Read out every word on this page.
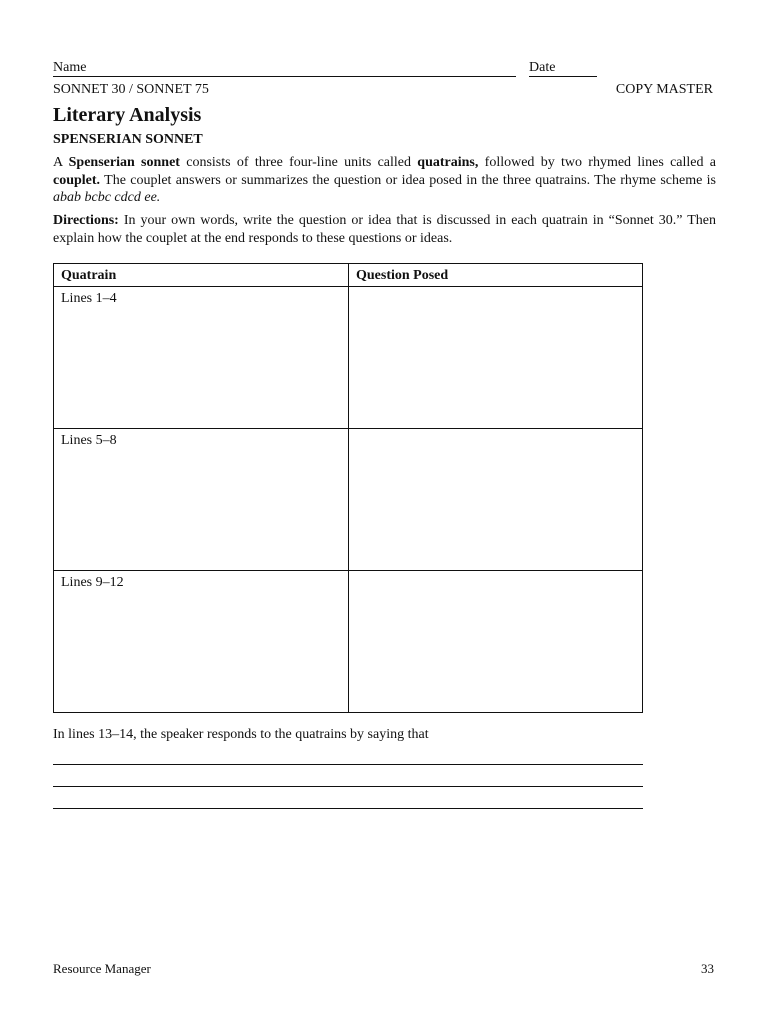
Name	Date
SONNET 30 / SONNET 75	COPY MASTER
Literary Analysis
SPENSERIAN SONNET

A Spenserian sonnet consists of three four-line units called quatrains, followed by two rhymed lines called a couplet. The couplet answers or summarizes the question or idea posed in the three quatrains. The rhyme scheme is abab bcbc cdcd ee.

Directions: In your own words, write the question or idea that is discussed in each quatrain in “Sonnet 30.” Then explain how the couplet at the end responds to these questions or ideas.

Quatrain	Question Posed
Lines 1–4	
Lines 5–8	
Lines 9–12	
In lines 13–14, the speaker responds to the quatrains by saying that
Resource Manager	33
